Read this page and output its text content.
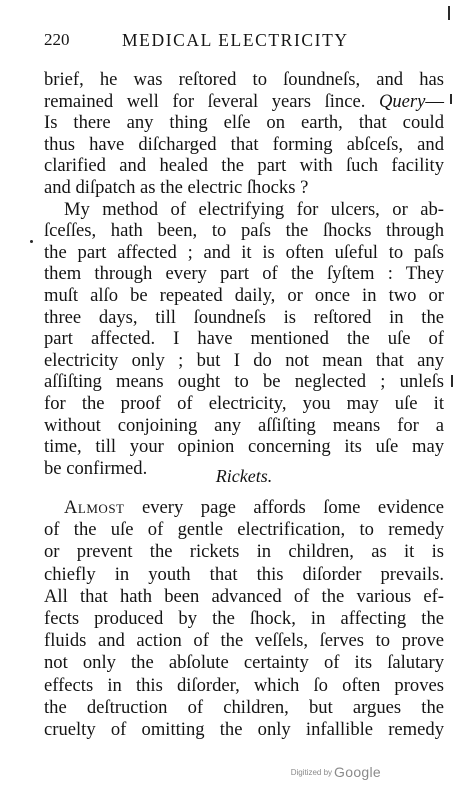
220	MEDICAL ELECTRICITY
brief, he was reſtored to ſoundneſs, and has
remained well for ſeveral years ſince. Query—
Is there any thing elſe on earth, that could
thus have diſcharged that forming abſceſs, and
clarified and healed the part with ſuch facility
and diſpatch as the electric ſhocks ?
My method of electrifying for ulcers, or ab-
ſceſſes, hath been, to paſs the ſhocks through
the part affected ; and it is often uſeful to paſs
them through every part of the ſyſtem : They
muſt alſo be repeated daily, or once in two or
three days, till ſoundneſs is reſtored in the
part affected. I have mentioned the uſe of
electricity only ; but I do not mean that any
aſſiſting means ought to be neglected ; unleſs
for the proof of electricity, you may uſe it
without conjoining any aſſiſting means for a
time, till your opinion concerning its uſe may
be confirmed.	Rickets.
Almost every page affords ſome evidence
of the uſe of gentle electrification, to remedy
or prevent the rickets in children, as it is
chiefly in youth that this diſorder prevails.
All that hath been advanced of the various ef-
fects produced by the ſhock, in affecting the
fluids and action of the veſſels, ſerves to prove
not only the abſolute certainty of its ſalutary
effects in this diſorder, which ſo often proves
the deſtruction of children, but argues the
cruelty of omitting the only infallible remedy
Digitized by Google
